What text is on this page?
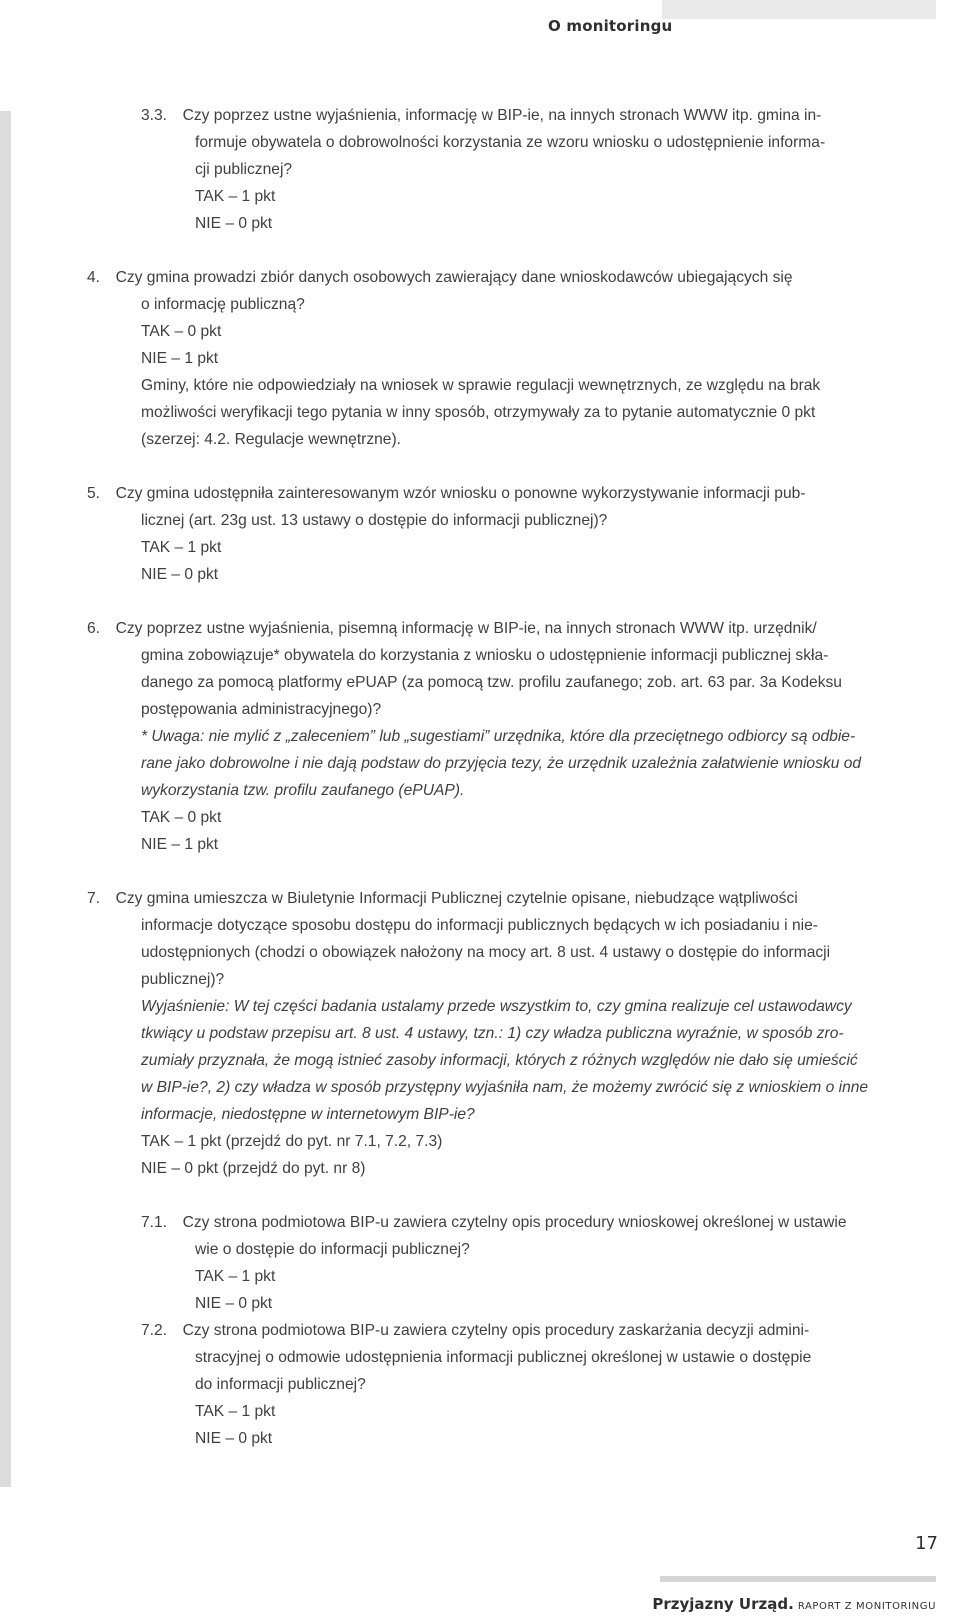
O monitoringu
3.3. Czy poprzez ustne wyjaśnienia, informację w BIP-ie, na innych stronach WWW itp. gmina in-
formuje obywatela o dobrowolności korzystania ze wzoru wniosku o udostępnienie informa-
cji publicznej?
TAK – 1 pkt
NIE – 0 pkt
4. Czy gmina prowadzi zbiór danych osobowych zawierający dane wnioskodawców ubiegających się
o informację publiczną?
TAK – 0 pkt
NIE – 1 pkt
Gminy, które nie odpowiedziały na wniosek w sprawie regulacji wewnętrznych, ze względu na brak
możliwości weryfikacji tego pytania w inny sposób, otrzymywały za to pytanie automatycznie 0 pkt
(szerzej: 4.2. Regulacje wewnętrzne).
5. Czy gmina udostępniła zainteresowanym wzór wniosku o ponowne wykorzystywanie informacji pub-
licznej (art. 23g ust. 13 ustawy o dostępie do informacji publicznej)?
TAK – 1 pkt
NIE – 0 pkt
6. Czy poprzez ustne wyjaśnienia, pisemną informację w BIP-ie, na innych stronach WWW itp. urzędnik/
gmina zobowiązuje* obywatela do korzystania z wniosku o udostępnienie informacji publicznej skła-
danego za pomocą platformy ePUAP (za pomocą tzw. profilu zaufanego; zob. art. 63 par. 3a Kodeksu
postępowania administracyjnego)?
* Uwaga: nie mylić z „zaleceniem” lub „sugestiami” urzędnika, które dla przeciętnego odbiorcy są odbie-
rane jako dobrowolne i nie dają podstaw do przyjęcia tezy, że urzędnik uzależnia załatwienie wniosku od
wykorzystania tzw. profilu zaufanego (ePUAP).
TAK – 0 pkt
NIE – 1 pkt
7. Czy gmina umieszcza w Biuletynie Informacji Publicznej czytelnie opisane, niebudzące wątpliwości
informacje dotyczące sposobu dostępu do informacji publicznych będących w ich posiadaniu i nie-
udostępnionych (chodzi o obowiązek nałożony na mocy art. 8 ust. 4 ustawy o dostępie do informacji
publicznej)?
Wyjaśnienie: W tej części badania ustalamy przede wszystkim to, czy gmina realizuje cel ustawodawcy
tkwiący u podstaw przepisu art. 8 ust. 4 ustawy, tzn.: 1) czy władza publiczna wyraźnie, w sposób zro-
zumiały przyznała, że mogą istnieć zasoby informacji, których z różnych względów nie dało się umieścić
w BIP-ie?, 2) czy władza w sposób przystępny wyjaśniła nam, że możemy zwrócić się z wnioskiem o inne
informacje, niedostępne w internetowym BIP-ie?
TAK – 1 pkt (przejdź do pyt. nr 7.1, 7.2, 7.3)
NIE – 0 pkt (przejdź do pyt. nr 8)
7.1. Czy strona podmiotowa BIP-u zawiera czytelny opis procedury wnioskowej określonej w ustawie
wie o dostępie do informacji publicznej?
TAK – 1 pkt
NIE – 0 pkt
7.2. Czy strona podmiotowa BIP-u zawiera czytelny opis procedury zaskarżania decyzji admini-
stracyjnej o odmowie udostępnienia informacji publicznej określonej w ustawie o dostępie
do informacji publicznej?
TAK – 1 pkt
NIE – 0 pkt
17
Przyjazny Urząd. RAPORT Z MONITORINGU
